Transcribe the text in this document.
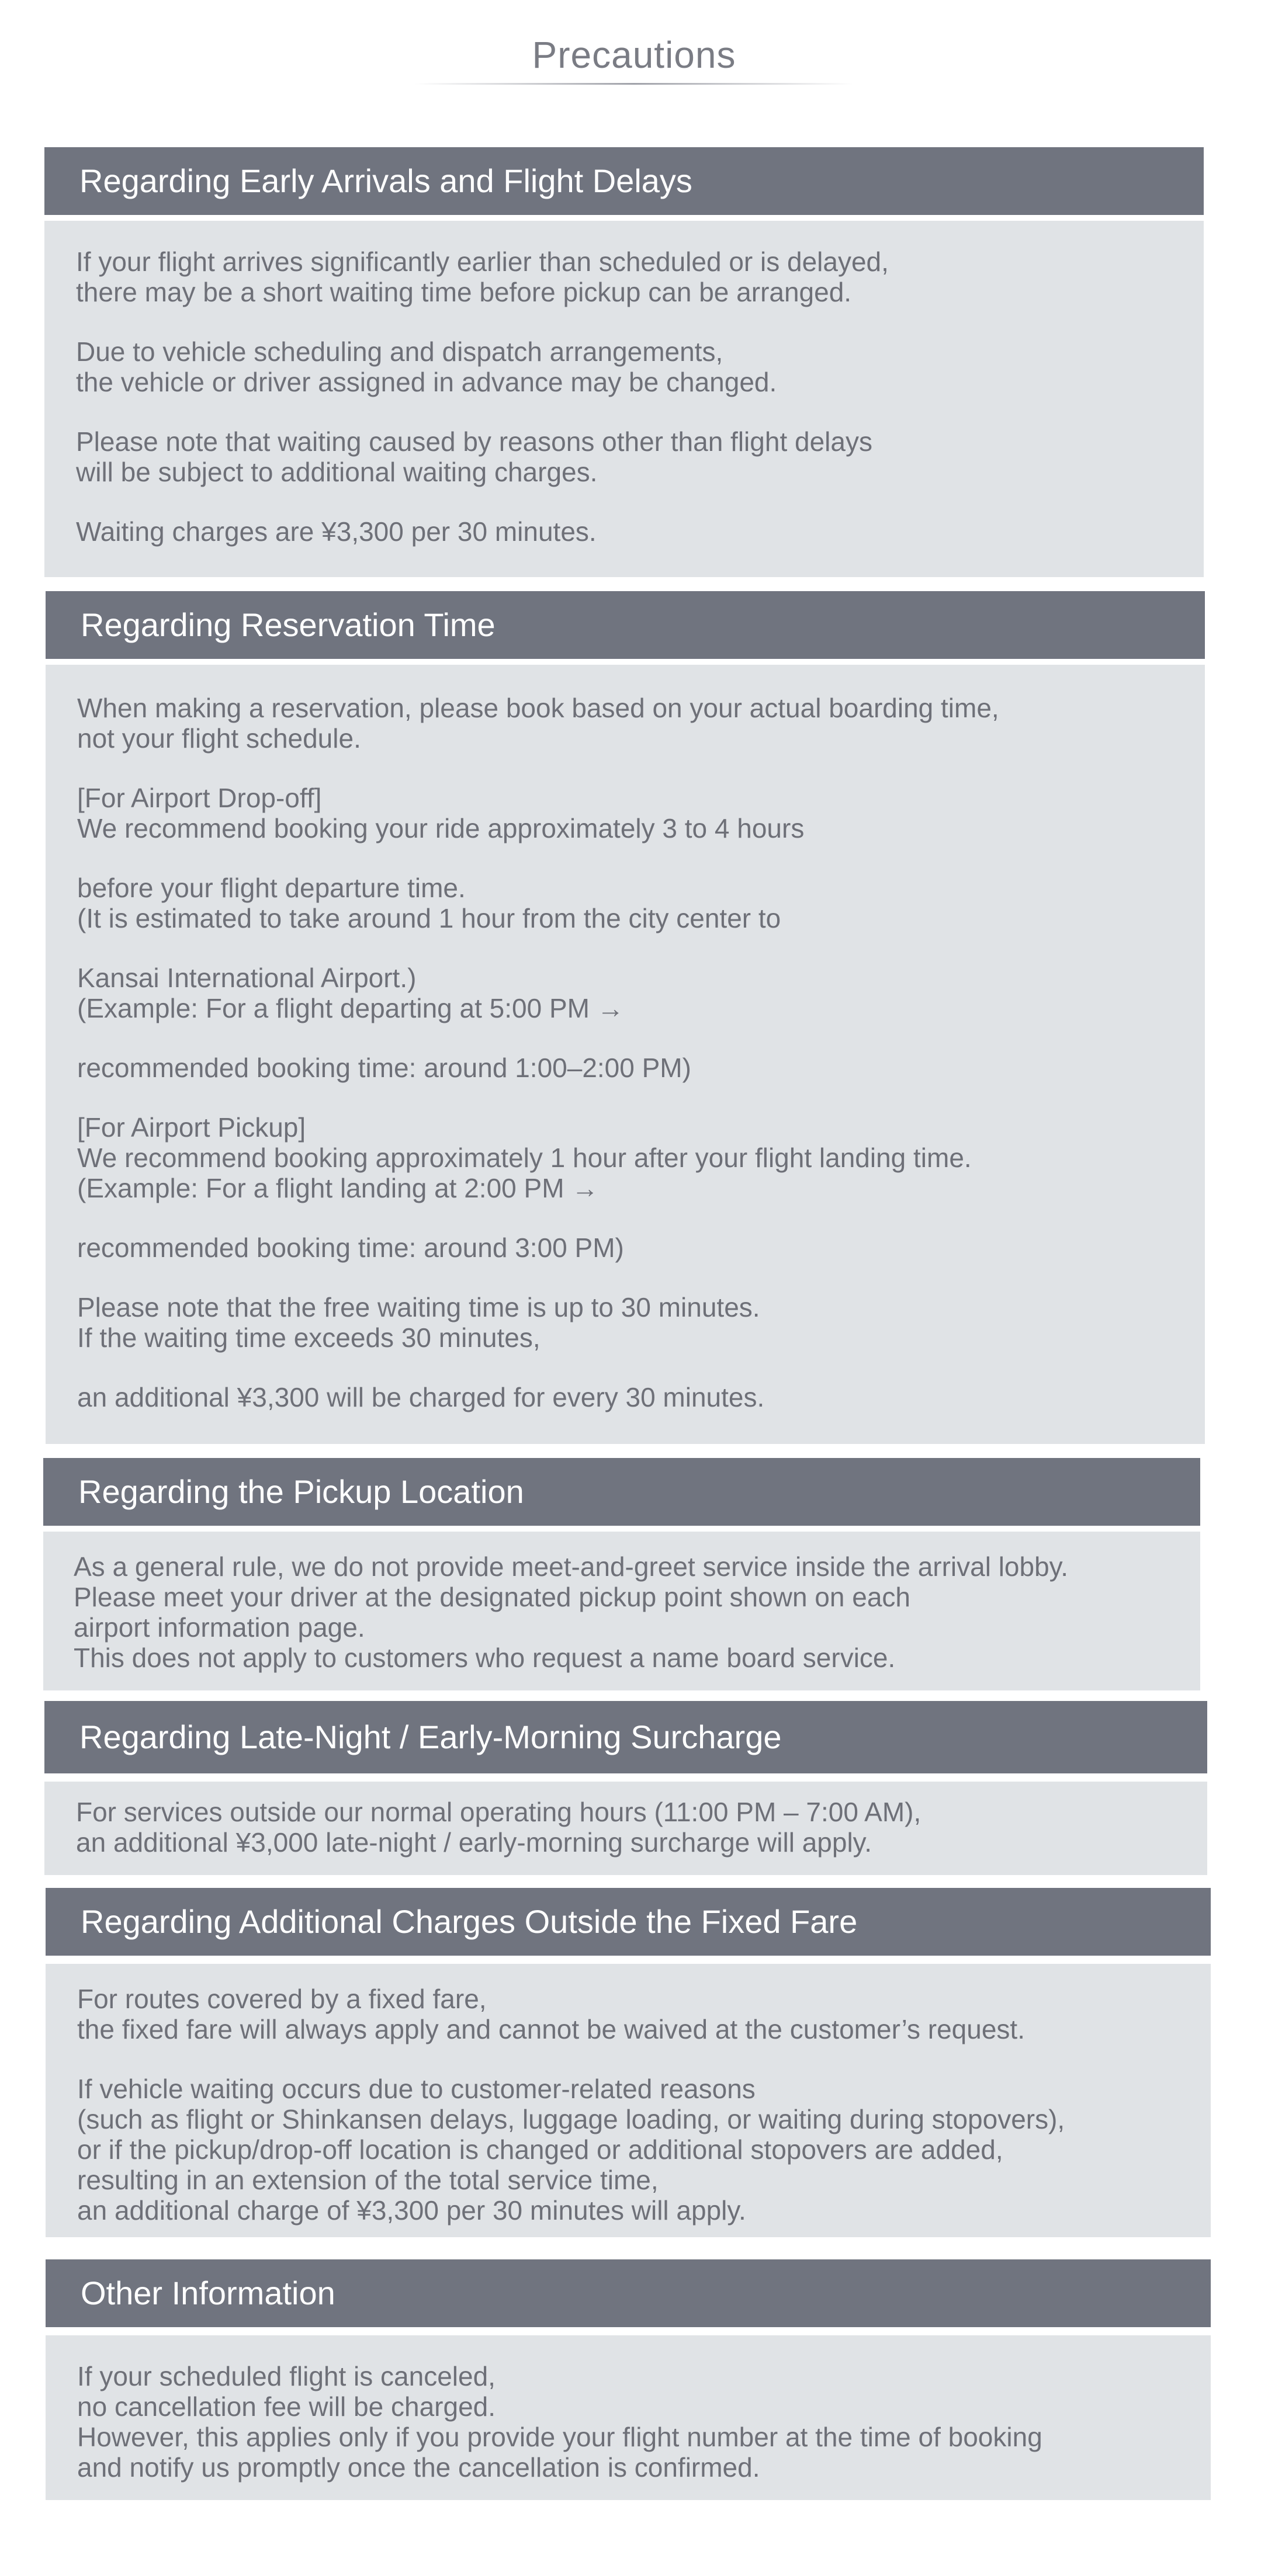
Precautions
Regarding Early Arrivals and Flight Delays
If your flight arrives significantly earlier than scheduled or is delayed,
there may be a short waiting time before pickup can be arranged.
Due to vehicle scheduling and dispatch arrangements,
the vehicle or driver assigned in advance may be changed.
Please note that waiting caused by reasons other than flight delays
will be subject to additional waiting charges.
Waiting charges are ¥3,300 per 30 minutes.
Regarding Reservation Time
When making a reservation, please book based on your actual boarding time,
not your flight schedule.
[For Airport Drop-off]
We recommend booking your ride approximately 3 to 4 hours
before your flight departure time.
(It is estimated to take around 1 hour from the city center to
Kansai International Airport.)
(Example: For a flight departing at 5:00 PM →
recommended booking time: around 1:00–2:00 PM)
[For Airport Pickup]
We recommend booking approximately 1 hour after your flight landing time.
(Example: For a flight landing at 2:00 PM →
recommended booking time: around 3:00 PM)
Please note that the free waiting time is up to 30 minutes.
If the waiting time exceeds 30 minutes,
an additional ¥3,300 will be charged for every 30 minutes.
Regarding the Pickup Location
As a general rule, we do not provide meet-and-greet service inside the arrival lobby.
Please meet your driver at the designated pickup point shown on each
airport information page.
This does not apply to customers who request a name board service.
Regarding Late-Night / Early-Morning Surcharge
For services outside our normal operating hours (11:00 PM – 7:00 AM),
an additional ¥3,000 late-night / early-morning surcharge will apply.
Regarding Additional Charges Outside the Fixed Fare
For routes covered by a fixed fare,
the fixed fare will always apply and cannot be waived at the customer’s request.
If vehicle waiting occurs due to customer-related reasons
(such as flight or Shinkansen delays, luggage loading, or waiting during stopovers),
or if the pickup/drop-off location is changed or additional stopovers are added,
resulting in an extension of the total service time,
an additional charge of ¥3,300 per 30 minutes will apply.
Other Information
If your scheduled flight is canceled,
no cancellation fee will be charged.
However, this applies only if you provide your flight number at the time of booking
and notify us promptly once the cancellation is confirmed.
